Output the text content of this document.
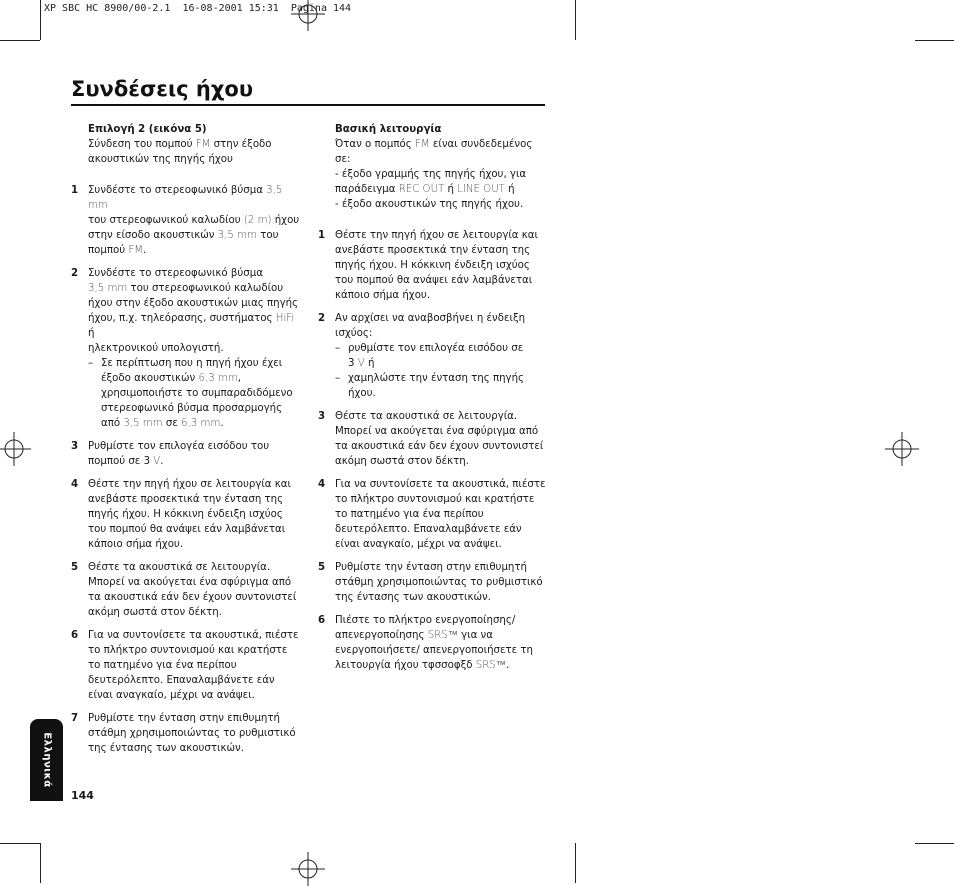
XP SBC HC 8900/00-2.1  16-08-2001 15:31  Pagina 144
Συνδέσεις ήχου
Επιλογή 2 (εικόνα 5)
Σύνδεση του πομπού FM στην έξοδο
ακουστικών της πηγής ήχου
1 Συνδέστε το στερεοφωνικό βύσμα 3,5 mm
του στερεοφωνικού καλωδίου (2 m) ήχου
στην είσοδο ακουστικών 3,5 mm του
πομπού FM.
2 Συνδέστε το στερεοφωνικό βύσμα
3,5 mm του στερεοφωνικού καλωδίου
ήχου στην έξοδο ακουστικών μιας πηγής
ήχου, π.χ. τηλεόρασης, συστήματος HiFi ή
ηλεκτρονικού υπολογιστή.
– Σε περίπτωση που η πηγή ήχου έχει
έξοδο ακουστικών 6,3 mm,
χρησιμοποιήστε το συμπαραδιδόμενο
στερεοφωνικό βύσμα προσαρμογής
από 3,5 mm σε 6,3 mm.
3 Ρυθμίστε τον επιλογέα εισόδου του
πομπού σε 3 V.
4 Θέστε την πηγή ήχου σε λειτουργία και
ανεβάστε προσεκτικά την ένταση της
πηγής ήχου. Η κόκκινη ένδειξη ισχύος
του πομπού θα ανάψει εάν λαμβάνεται
κάποιο σήμα ήχου.
5 Θέστε τα ακουστικά σε λειτουργία.
Μπορεί να ακούγεται ένα σφύριγμα από
τα ακουστικά εάν δεν έχουν συντονιστεί
ακόμη σωστά στον δέκτη.
6 Για να συντονίσετε τα ακουστικά, πιέστε
το πλήκτρο συντονισμού και κρατήστε
το πατημένο για ένα περίπου
δευτερόλεπτο. Επαναλαμβάνετε εάν
είναι αναγκαίο, μέχρι να ανάψει.
7 Ρυθμίστε την ένταση στην επιθυμητή
στάθμη χρησιμοποιώντας το ρυθμιστικό
της έντασης των ακουστικών.
Βασική λειτουργία
Όταν ο πομπός FM είναι συνδεδεμένος σε:
- έξοδο γραμμής της πηγής ήχου, για
παράδειγμα REC OUT ή LINE OUT ή
- έξοδο ακουστικών της πηγής ήχου.
1 Θέστε την πηγή ήχου σε λειτουργία και
ανεβάστε προσεκτικά την ένταση της
πηγής ήχου. Η κόκκινη ένδειξη ισχύος
του πομπού θα ανάψει εάν λαμβάνεται
κάποιο σήμα ήχου.
2 Αν αρχίσει να αναβοσβήνει η ένδειξη
ισχύος:
– ρυθμίστε τον επιλογέα εισόδου σε
3 V ή
– χαμηλώστε την ένταση της πηγής
ήχου.
3 Θέστε τα ακουστικά σε λειτουργία.
Μπορεί να ακούγεται ένα σφύριγμα από
τα ακουστικά εάν δεν έχουν συντονιστεί
ακόμη σωστά στον δέκτη.
4 Για να συντονίσετε τα ακουστικά, πιέστε
το πλήκτρο συντονισμού και κρατήστε
το πατημένο για ένα περίπου
δευτερόλεπτο. Επαναλαμβάνετε εάν
είναι αναγκαίο, μέχρι να ανάψει.
5 Ρυθμίστε την ένταση στην επιθυμητή
στάθμη χρησιμοποιώντας το ρυθμιστικό
της έντασης των ακουστικών.
6 Πιέστε το πλήκτρο ενεργοποίησης/
απενεργοποίησης SRS™ για να
ενεργοποιήσετε/ απενεργοποιήσετε τη
λειτουργία ήχου τφσσοφξδ SRS™.
Ελληνικά
144
